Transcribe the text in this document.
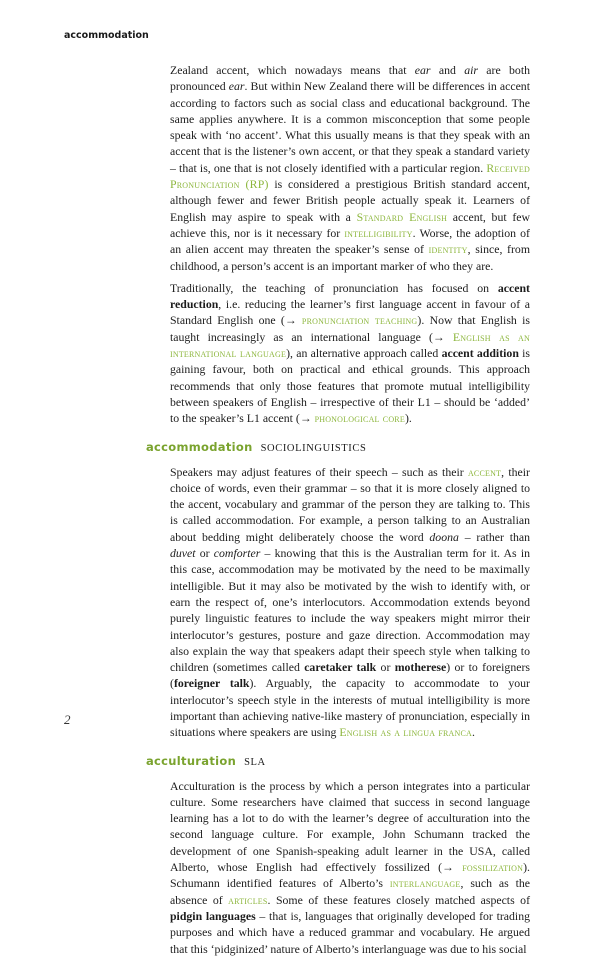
accommodation

Zealand accent, which nowadays means that ear and air are both pronounced ear. But within New Zealand there will be differences in accent according to factors such as social class and educational background. The same applies anywhere. It is a common misconception that some people speak with ‘no accent’. What this usually means is that they speak with an accent that is the listener’s own accent, or that they speak a standard variety – that is, one that is not closely identified with a particular region. Received Pronunciation (RP) is considered a prestigious British standard accent, although fewer and fewer British people actually speak it. Learners of English may aspire to speak with a Standard English accent, but few achieve this, nor is it necessary for intelligibility. Worse, the adoption of an alien accent may threaten the speaker’s sense of identity, since, from childhood, a person’s accent is an important marker of who they are.

Traditionally, the teaching of pronunciation has focused on accent reduction, i.e. reducing the learner’s first language accent in favour of a Standard English one (→ pronunciation teaching). Now that English is taught increasingly as an international language (→ English as an international language), an alternative approach called accent addition is gaining favour, both on practical and ethical grounds. This approach recommends that only those features that promote mutual intelligibility between speakers of English – irrespective of their L1 – should be ‘added’ to the speaker’s L1 accent (→ phonological core).

accommodation SOCIOLINGUISTICS

Speakers may adjust features of their speech – such as their accent, their choice of words, even their grammar – so that it is more closely aligned to the accent, vocabulary and grammar of the person they are talking to. This is called accommodation. For example, a person talking to an Australian about bedding might deliberately choose the word doona – rather than duvet or comforter – knowing that this is the Australian term for it. As in this case, accommodation may be motivated by the need to be maximally intelligible. But it may also be motivated by the wish to identify with, or earn the respect of, one’s interlocutors. Accommodation extends beyond purely linguistic features to include the way speakers might mirror their interlocutor’s gestures, posture and gaze direction. Accommodation may also explain the way that speakers adapt their speech style when talking to children (sometimes called caretaker talk or motherese) or to foreigners (foreigner talk). Arguably, the capacity to accommodate to your interlocutor’s speech style in the interests of mutual intelligibility is more important than achieving native-like mastery of pronunciation, especially in situations where speakers are using English as a lingua franca.

acculturation SLA

Acculturation is the process by which a person integrates into a particular culture. Some researchers have claimed that success in second language learning has a lot to do with the learner’s degree of acculturation into the second language culture. For example, John Schumann tracked the development of one Spanish-speaking adult learner in the USA, called Alberto, whose English had effectively fossilized (→ fossilization). Schumann identified features of Alberto’s interlanguage, such as the absence of articles. Some of these features closely matched aspects of pidgin languages – that is, languages that originally developed for trading purposes and which have a reduced grammar and vocabulary. He argued that this ‘pidginized’ nature of Alberto’s interlanguage was due to his social

2
